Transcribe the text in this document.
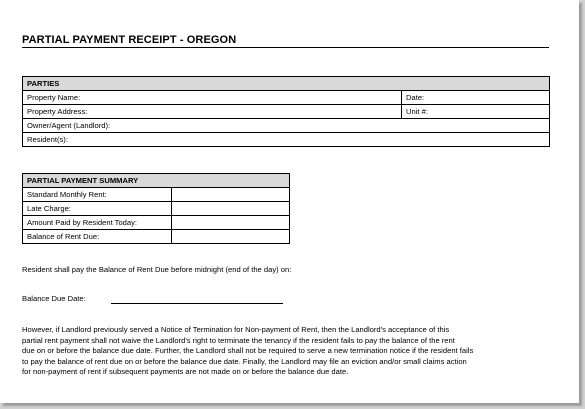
PARTIAL PAYMENT RECEIPT - OREGON
PARTIES	
Property Name:	Date:
Property Address:	Unit #:
Owner/Agent (Landlord):	
Resident(s):	
PARTIAL PAYMENT SUMMARY	
Standard Monthly Rent:	
Late Charge:	
Amount Paid by Resident Today:	
Balance of Rent Due:	
Resident shall pay the Balance of Rent Due before midnight (end of the day) on:
Balance Due Date:
However, if Landlord previously served a Notice of Termination for Non-payment of Rent, then the Landlord's acceptance of this
partial rent payment shall not waive the Landlord's right to terminate the tenancy if the resident fails to pay the balance of the rent
due on or before the balance due date. Further, the Landlord shall not be required to serve a new termination notice if the resident fails
to pay the balance of rent due on or before the balance due date. Finally, the Landlord may file an eviction and/or small claims action
for non-payment of rent if subsequent payments are not made on or before the balance due date.
